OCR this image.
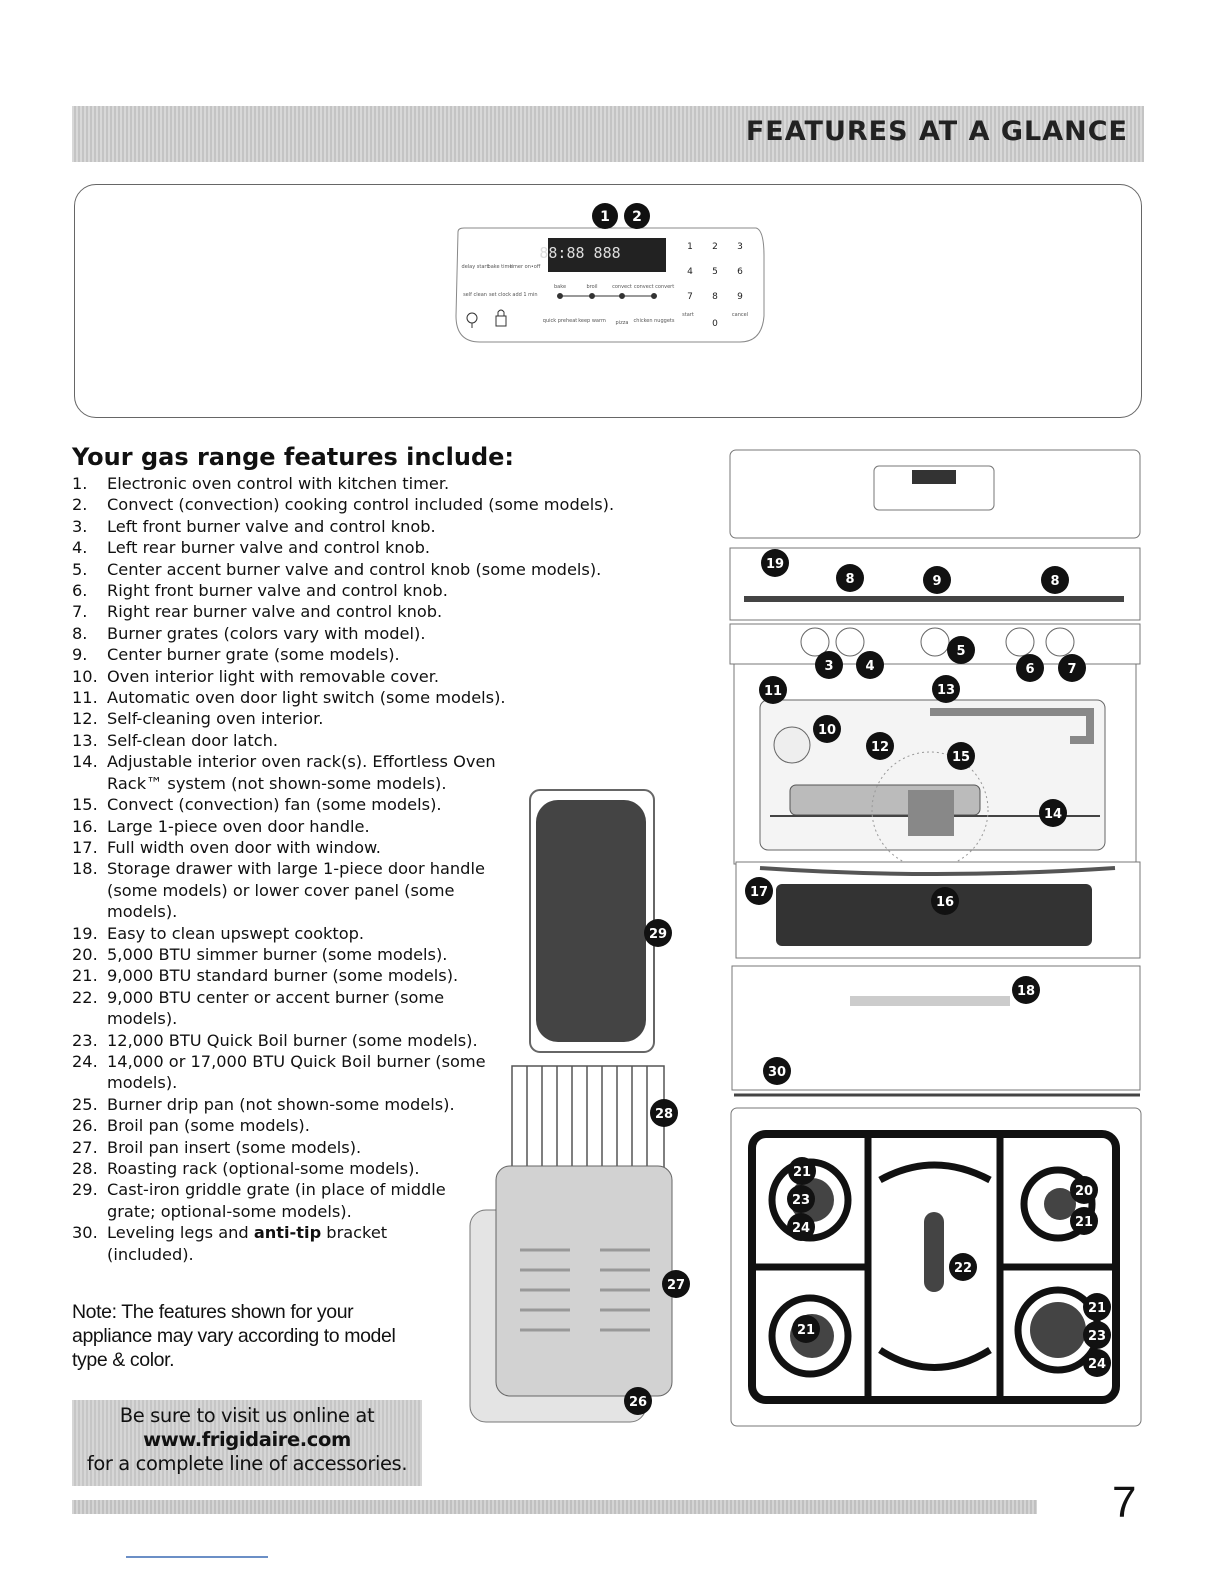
FEATURES AT A GLANCE
1 2
88:88 888
delay start bake time
timer on•off
self clean set clock add 1 min
bake	broil	convect convect convert
quick preheat keep warm pizza chicken nuggets
start	cancel
1 2 3
4 5 6
7 8 9
0
Your gas range features include:
1.	Electronic oven control with kitchen timer.
2.	Convect (convection) cooking control included (some models).
3.	Left front burner valve and control knob.
4.	Left rear burner valve and control knob.
5.	Center accent burner valve and control knob (some models).
6.	Right front burner valve and control knob.
7.	Right rear burner valve and control knob.
8.	Burner grates (colors vary with model).
9.	Center burner grate (some models).
10. Oven interior light with removable cover.
11. Automatic oven door light switch (some models).
12. Self-cleaning oven interior.
13. Self-clean door latch.
14. Adjustable interior oven rack(s). Effortless Oven Rack™ system (not shown-some models).
15. Convect (convection) fan (some models).
16. Large 1-piece oven door handle.
17. Full width oven door with window.
18. Storage drawer with large 1-piece door handle (some models) or lower cover panel (some models).
19. Easy to clean upswept cooktop.
20. 5,000 BTU simmer burner (some models).
21. 9,000 BTU standard burner (some models).
22. 9,000 BTU center or accent burner (some models).
23. 12,000 BTU Quick Boil burner (some models).
24. 14,000 or 17,000 BTU Quick Boil burner (some models).
25. Burner drip pan (not shown-some models).
26. Broil pan (some models).
27. Broil pan insert (some models).
28. Roasting rack (optional-some models).
29. Cast-iron griddle grate (in place of middle grate; optional-some models).
30. Leveling legs and anti-tip bracket (included).

Note: The features shown for your appliance may vary according to model type & color.

Be sure to visit us online at
www.frigidaire.com
for a complete line of accessories.
19
8	9	8
3 4
5
13
6	7
11
10
12
15
14
17
16
18
30
21
23
24
20
21
22
21
21
23
24
29
28
27
26
7
